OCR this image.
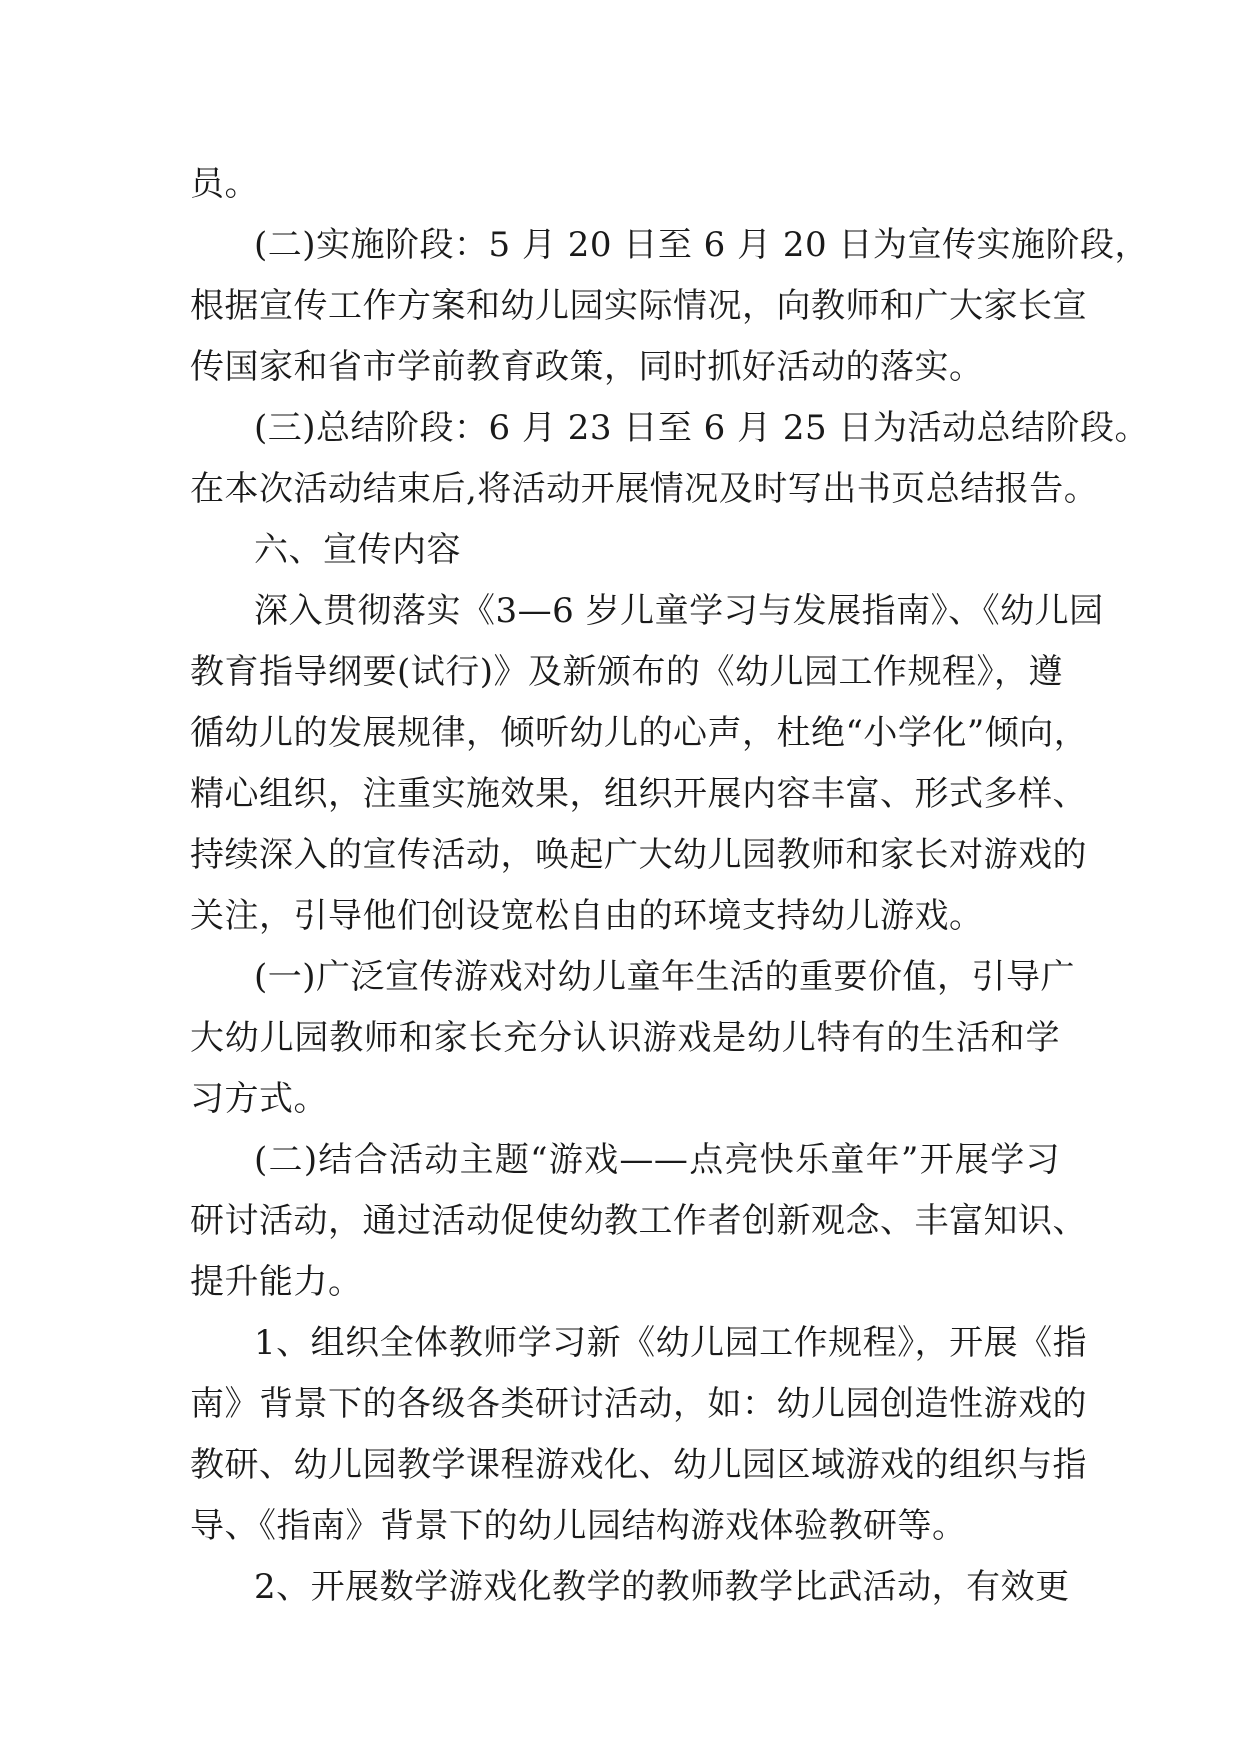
员。
(二)实施阶段：5 月 20 日至 6 月 20 日为宣传实施阶段，
根据宣传工作方案和幼儿园实际情况，向教师和广大家长宣
传国家和省市学前教育政策，同时抓好活动的落实。
(三)总结阶段：6 月 23 日至 6 月 25 日为活动总结阶段。
在本次活动结束后,将活动开展情况及时写出书页总结报告。
六、宣传内容
深入贯彻落实《3—6 岁儿童学习与发展指南》、《幼儿园
教育指导纲要(试行)》及新颁布的《幼儿园工作规程》，遵
循幼儿的发展规律，倾听幼儿的心声，杜绝“小学化”倾向，
精心组织，注重实施效果，组织开展内容丰富、形式多样、
持续深入的宣传活动，唤起广大幼儿园教师和家长对游戏的
关注，引导他们创设宽松自由的环境支持幼儿游戏。
(一)广泛宣传游戏对幼儿童年生活的重要价值，引导广
大幼儿园教师和家长充分认识游戏是幼儿特有的生活和学
习方式。
(二)结合活动主题“游戏——点亮快乐童年”开展学习
研讨活动，通过活动促使幼教工作者创新观念、丰富知识、
提升能力。
1、组织全体教师学习新《幼儿园工作规程》，开展《指
南》背景下的各级各类研讨活动，如：幼儿园创造性游戏的
教研、幼儿园教学课程游戏化、幼儿园区域游戏的组织与指
导、《指南》背景下的幼儿园结构游戏体验教研等。
2、开展数学游戏化教学的教师教学比武活动，有效更
